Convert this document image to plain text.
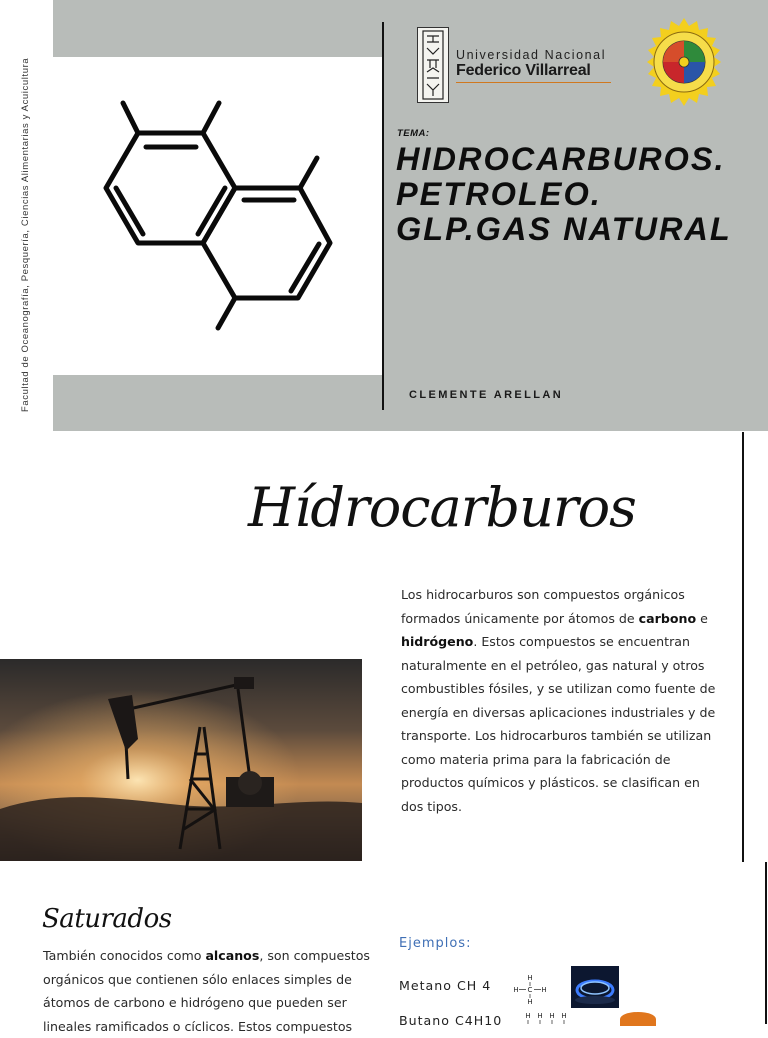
Facultad de Oceanografía, Pesquería, Ciencias Alimentarias y Acuicultura
Universidad Nacional
Federico Villarreal
TEMA:
HIDROCARBUROS.
PETROLEO.
GLP.GAS NATURAL
CLEMENTE ARELLAN
Hídrocarburos

Los hidrocarburos son compuestos orgánicos formados únicamente por átomos de carbono e hidrógeno. Estos compuestos se encuentran naturalmente en el petróleo, gas natural y otros combustibles fósiles, y se utilizan como fuente de energía en diversas aplicaciones industriales y de transporte. Los hidrocarburos también se utilizan como materia prima para la fabricación de productos químicos y plásticos. se clasifican en dos tipos.

Saturados

También conocidos como alcanos, son compuestos orgánicos que contienen sólo enlaces simples de átomos de carbono e hidrógeno que pueden ser lineales ramificados o cíclicos. Estos compuestos

Ejemplos:
Metano CH 4	H
H C H
H
Butano C4H10	H H H H
